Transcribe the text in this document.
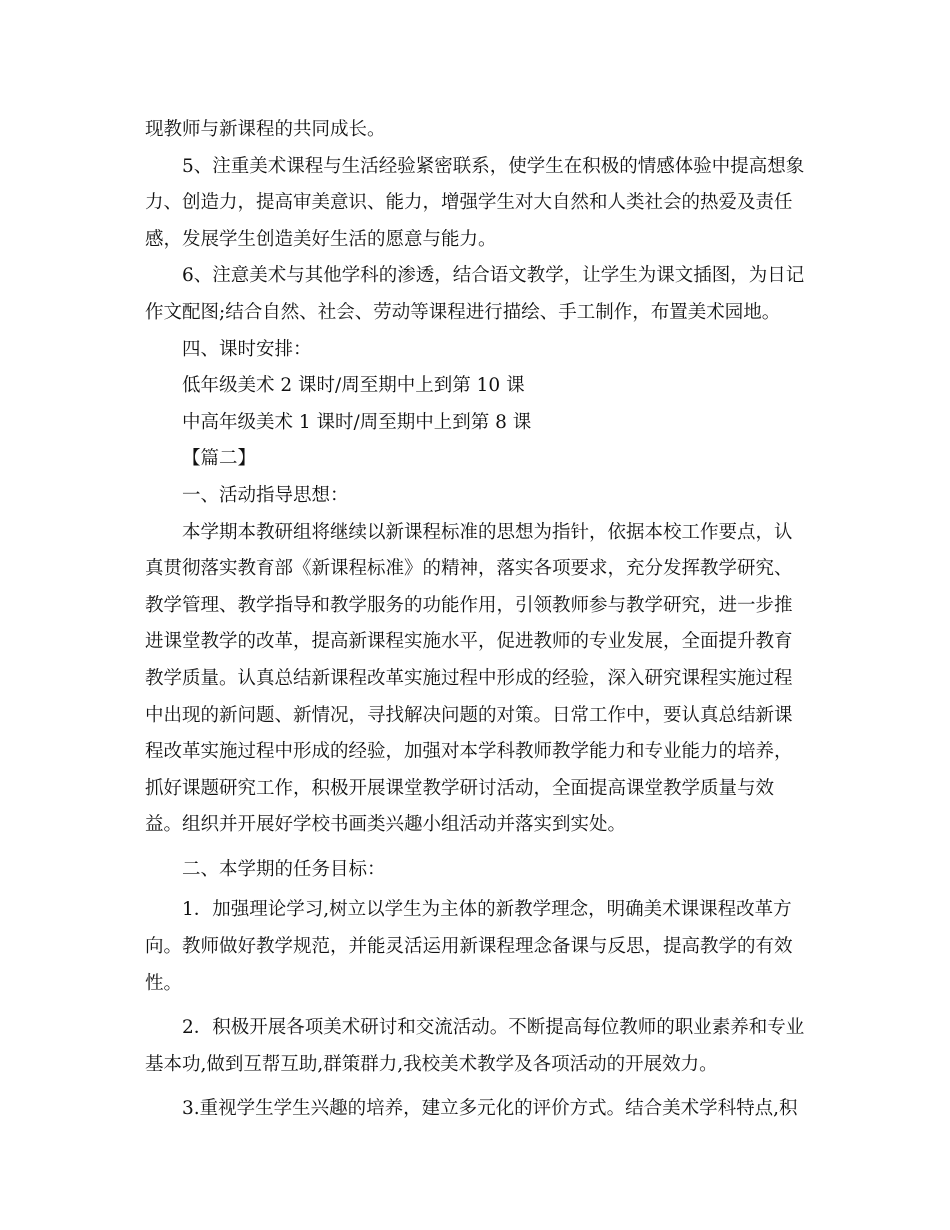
现教师与新课程的共同成长。
5、注重美术课程与生活经验紧密联系，使学生在积极的情感体验中提高想象
力、创造力，提高审美意识、能力，增强学生对大自然和人类社会的热爱及责任
感，发展学生创造美好生活的愿意与能力。
6、注意美术与其他学科的渗透，结合语文教学，让学生为课文插图，为日记
作文配图;结合自然、社会、劳动等课程进行描绘、手工制作，布置美术园地。
四、课时安排：
低年级美术 2 课时/周至期中上到第 10 课
中高年级美术 1 课时/周至期中上到第 8 课
【篇二】
一、活动指导思想：
本学期本教研组将继续以新课程标准的思想为指针，依据本校工作要点，认
真贯彻落实教育部《新课程标准》的精神，落实各项要求，充分发挥教学研究、
教学管理、教学指导和教学服务的功能作用，引领教师参与教学研究，进一步推
进课堂教学的改革，提高新课程实施水平，促进教师的专业发展，全面提升教育
教学质量。认真总结新课程改革实施过程中形成的经验，深入研究课程实施过程
中出现的新问题、新情况，寻找解决问题的对策。日常工作中，要认真总结新课
程改革实施过程中形成的经验，加强对本学科教师教学能力和专业能力的培养，
抓好课题研究工作，积极开展课堂教学研讨活动，全面提高课堂教学质量与效
益。组织并开展好学校书画类兴趣小组活动并落实到实处。
二、本学期的任务目标：
1．加强理论学习,树立以学生为主体的新教学理念，明确美术课课程改革方
向。教师做好教学规范，并能灵活运用新课程理念备课与反思，提高教学的有效
性。
2．积极开展各项美术研讨和交流活动。不断提高每位教师的职业素养和专业
基本功,做到互帮互助,群策群力,我校美术教学及各项活动的开展效力。
3.重视学生学生兴趣的培养，建立多元化的评价方式。结合美术学科特点,积
